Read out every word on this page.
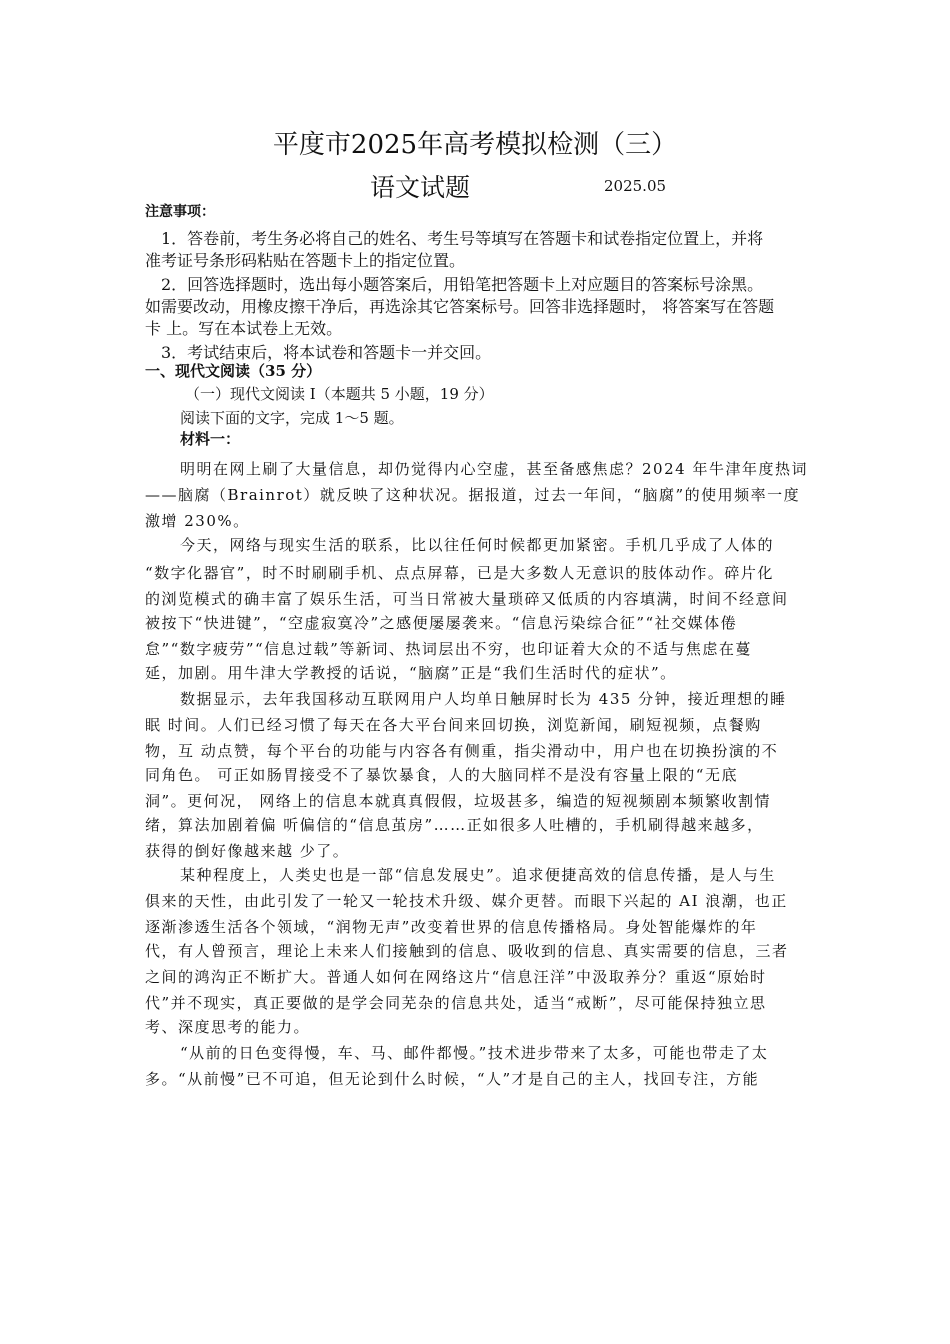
平度市2025年高考模拟检测（三）
语文试题	2025.05
注意事项：
　1．答卷前，考生务必将自己的姓名、考生号等填写在答题卡和试卷指定位置上，并将
准考证号条形码粘贴在答题卡上的指定位置。
　2．回答选择题时，选出每小题答案后，用铅笔把答题卡上对应题目的答案标号涂黑。
如需要改动，用橡皮擦干净后，再选涂其它答案标号。回答非选择题时， 将答案写在答题
卡 上。写在本试卷上无效。
　3．考试结束后，将本试卷和答题卡一并交回。
一、现代文阅读（35 分）
（一）现代文阅读 Ⅰ（本题共 5 小题，19 分）
阅读下面的文字，完成 1～5 题。
材料一：
明明在网上刷了大量信息，却仍觉得内心空虚，甚至备感焦虑？2024 年牛津年度热词
——脑腐（Brainrot）就反映了这种状况。据报道，过去一年间，“脑腐”的使用频率一度
激增 230%。
今天，网络与现实生活的联系，比以往任何时候都更加紧密。手机几乎成了人体的
“数字化器官”，时不时刷刷手机、点点屏幕，已是大多数人无意识的肢体动作。碎片化
的浏览模式的确丰富了娱乐生活，可当日常被大量琐碎又低质的内容填满，时间不经意间
被按下“快进键”，“空虚寂寞冷”之感便屡屡袭来。“信息污染综合征”“社交媒体倦
怠”“数字疲劳”“信息过载”等新词、热词层出不穷，也印证着大众的不适与焦虑在蔓
延，加剧。用牛津大学教授的话说，“脑腐”正是“我们生活时代的症状”。
数据显示，去年我国移动互联网用户人均单日触屏时长为 435 分钟，接近理想的睡
眠 时间。人们已经习惯了每天在各大平台间来回切换，浏览新闻，刷短视频，点餐购
物，互 动点赞，每个平台的功能与内容各有侧重，指尖滑动中，用户也在切换扮演的不
同角色。 可正如肠胃接受不了暴饮暴食，人的大脑同样不是没有容量上限的“无底
洞”。更何况， 网络上的信息本就真真假假，垃圾甚多，编造的短视频剧本频繁收割情
绪，算法加剧着偏 听偏信的“信息茧房”……正如很多人吐槽的，手机刷得越来越多，
获得的倒好像越来越 少了。
某种程度上，人类史也是一部“信息发展史”。追求便捷高效的信息传播，是人与生
俱来的天性，由此引发了一轮又一轮技术升级、媒介更替。而眼下兴起的 AI 浪潮，也正
逐渐渗透生活各个领域，“润物无声”改变着世界的信息传播格局。身处智能爆炸的年
代，有人曾预言，理论上未来人们接触到的信息、吸收到的信息、真实需要的信息，三者
之间的鸿沟正不断扩大。普通人如何在网络这片“信息汪洋”中汲取养分？重返“原始时
代”并不现实，真正要做的是学会同芜杂的信息共处，适当“戒断”，尽可能保持独立思
考、深度思考的能力。
“从前的日色变得慢，车、马、邮件都慢。”技术进步带来了太多，可能也带走了太
多。“从前慢”已不可追，但无论到什么时候，“人”才是自己的主人，找回专注，方能
